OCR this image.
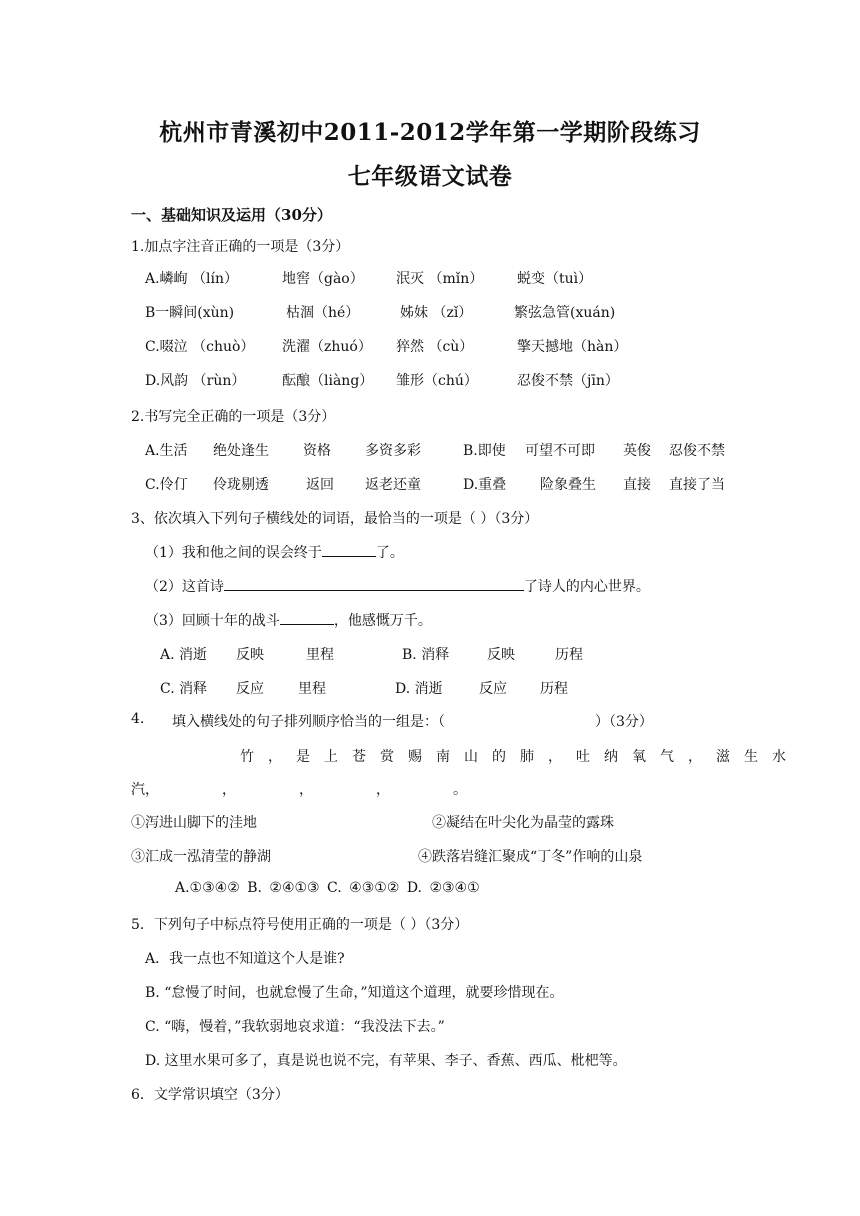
杭州市青溪初中2011-2012学年第一学期阶段练习
七年级语文试卷
一、基础知识及运用（30分）
1.加点字注音正确的一项是（3分）
A.嶙峋 （lín）	地窖（gào） 泯灭 （mǐn） 蜕变（tuì）
B一瞬间(xùn)	枯涸（hé）	姊妹 （zǐ）	繁弦急管(xuán)
C.啜泣 （chuò） 洗濯（zhuó） 猝然 （cù）	擎天撼地（hàn）
D.风韵 （rùn）	酝酿（liàng） 雏形（chú）	忍俊不禁（jīn）
2.书写完全正确的一项是（3分）
A.生活 绝处逢生 资格 多资多彩	B.即使 可望不可即 英俊 忍俊不禁
C.伶仃 伶珑剔透	返回 返老还童	D.重叠 险象叠生 直接 直接了当
3、依次填入下列句子横线处的词语，最恰当的一项是（ ）（3分）
（1）我和他之间的误会终于	了。
（2）这首诗	了诗人的内心世界。
（3）回顾十年的战斗	，他感慨万千。
A. 消逝 反映	里程	B. 消释	反映	历程
C. 消释 反应 里程	D. 消逝	反应 历程
4. 填入横线处的句子排列顺序恰当的一组是：（	）（3分）
竹，是上苍赏赐南山的肺，吐纳氧气，滋生水
汽，　　　　　，　　　　　，　　　　　，　　　　　。
①泻进山脚下的洼地	②凝结在叶尖化为晶莹的露珠
③汇成一泓清莹的静湖	④跌落岩缝汇聚成“丁冬”作响的山泉
A.①③④② B. ②④①③ C. ④③①② D. ②③④①
5．下列句子中标点符号使用正确的一项是（ ）（3分）
A．我一点也不知道这个人是谁?
B. “怠慢了时间，也就怠慢了生命，”知道这个道理，就要珍惜现在。
C. “嗨，慢着，”我软弱地哀求道：“我没法下去。”
D. 这里水果可多了，真是说也说不完，有苹果、李子、香蕉、西瓜、枇杷等。
6．文学常识填空（3分）
